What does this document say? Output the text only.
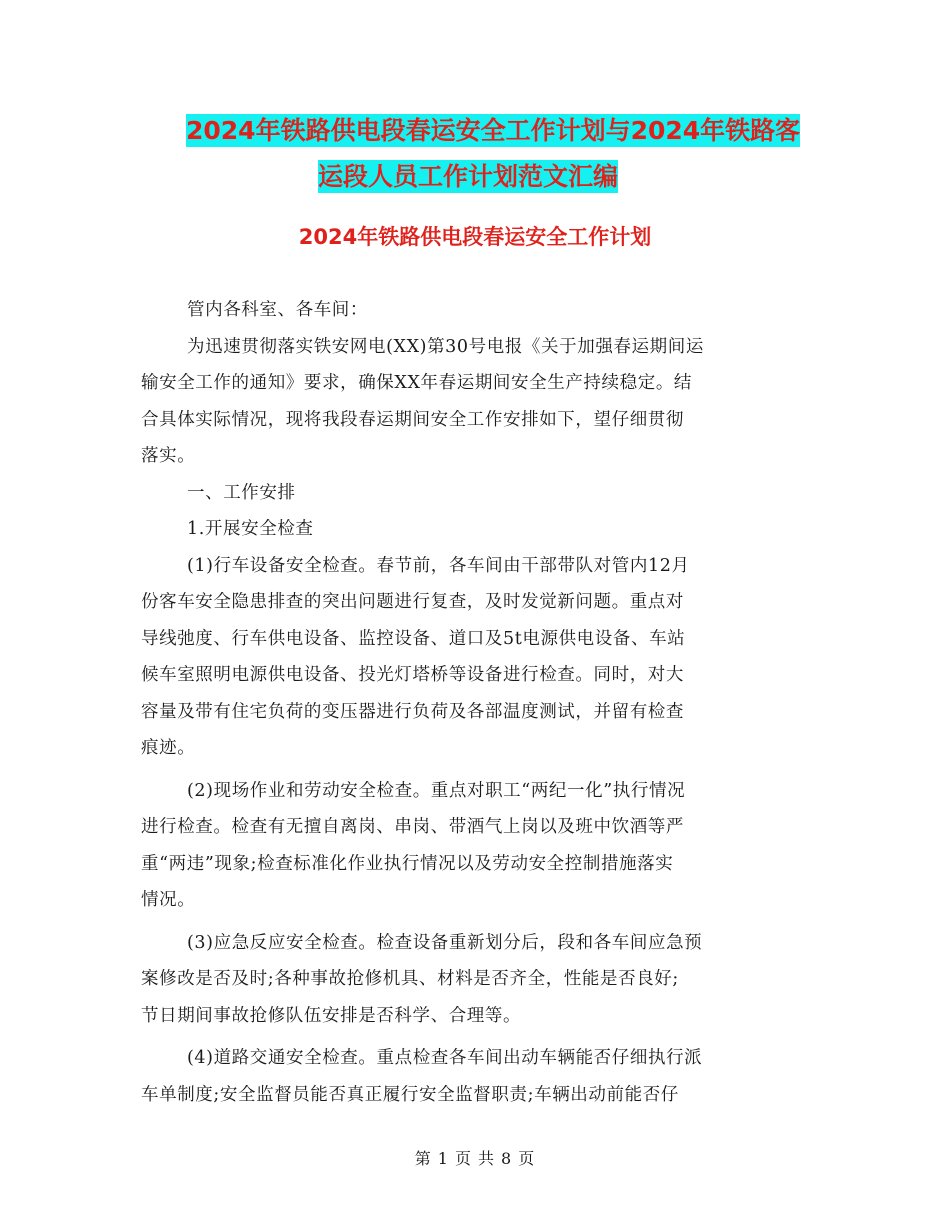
2024年铁路供电段春运安全工作计划与2024年铁路客
运段人员工作计划范文汇编
2024年铁路供电段春运安全工作计划
管内各科室、各车间：
为迅速贯彻落实铁安网电(XX)第30号电报《关于加强春运期间运
输安全工作的通知》要求，确保XX年春运期间安全生产持续稳定。结
合具体实际情况，现将我段春运期间安全工作安排如下，望仔细贯彻
落实。
一、工作安排
1.开展安全检查
(1)行车设备安全检查。春节前，各车间由干部带队对管内12月
份客车安全隐患排查的突出问题进行复查，及时发觉新问题。重点对
导线弛度、行车供电设备、监控设备、道口及5t电源供电设备、车站
候车室照明电源供电设备、投光灯塔桥等设备进行检查。同时，对大
容量及带有住宅负荷的变压器进行负荷及各部温度测试，并留有检查
痕迹。
(2)现场作业和劳动安全检查。重点对职工“两纪一化”执行情况
进行检查。检查有无擅自离岗、串岗、带酒气上岗以及班中饮酒等严
重“两违”现象;检查标准化作业执行情况以及劳动安全控制措施落实
情况。
(3)应急反应安全检查。检查设备重新划分后，段和各车间应急预
案修改是否及时;各种事故抢修机具、材料是否齐全，性能是否良好;
节日期间事故抢修队伍安排是否科学、合理等。
(4)道路交通安全检查。重点检查各车间出动车辆能否仔细执行派
车单制度;安全监督员能否真正履行安全监督职责;车辆出动前能否仔
第 1 页 共 8 页
